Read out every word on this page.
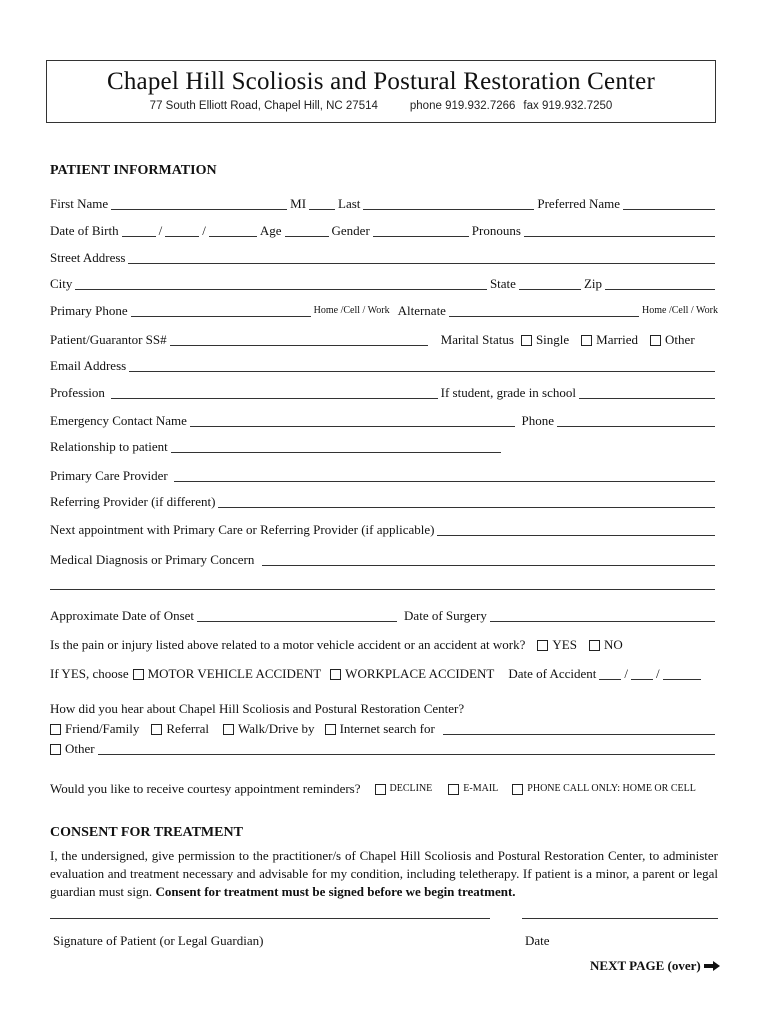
Chapel Hill Scoliosis and Postural Restoration Center
77 South Elliott Road, Chapel Hill, NC 27514	phone 919.932.7266 fax 919.932.7250
PATIENT INFORMATION
First Name	MI Last	Preferred Name
Date of Birth	/	/	Age	Gender	Pronouns
Street Address
City	State	Zip
Primary Phone	Home /Cell / Work Alternate	Home /Cell / Work
Patient/Guarantor SS#	Marital Status Single Married Other
Email Address
Profession	If student, grade in school
Emergency Contact Name	Phone
Relationship to patient
Primary Care Provider
Referring Provider (if different)
Next appointment with Primary Care or Referring Provider (if applicable)
Medical Diagnosis or Primary Concern
Approximate Date of Onset	Date of Surgery
Is the pain or injury listed above related to a motor vehicle accident or an accident at work? YES NO
If YES, choose MOTOR VEHICLE ACCIDENT WORKPLACE ACCIDENT Date of Accident / /
How did you hear about Chapel Hill Scoliosis and Postural Restoration Center?
Friend/Family Referral Walk/Drive by Internet search for
Other
Would you like to receive courtesy appointment reminders?	DECLINE	E-MAIL	PHONE CALL ONLY: HOME OR CELL
CONSENT FOR TREATMENT
I, the undersigned, give permission to the practitioner/s of Chapel Hill Scoliosis and Postural Restoration Center, to administer evaluation and treatment necessary and advisable for my condition, including teletherapy. If patient is a minor, a parent or legal guardian must sign. Consent for treatment must be signed before we begin treatment.
Signature of Patient (or Legal Guardian)	Date
NEXT PAGE (over)
